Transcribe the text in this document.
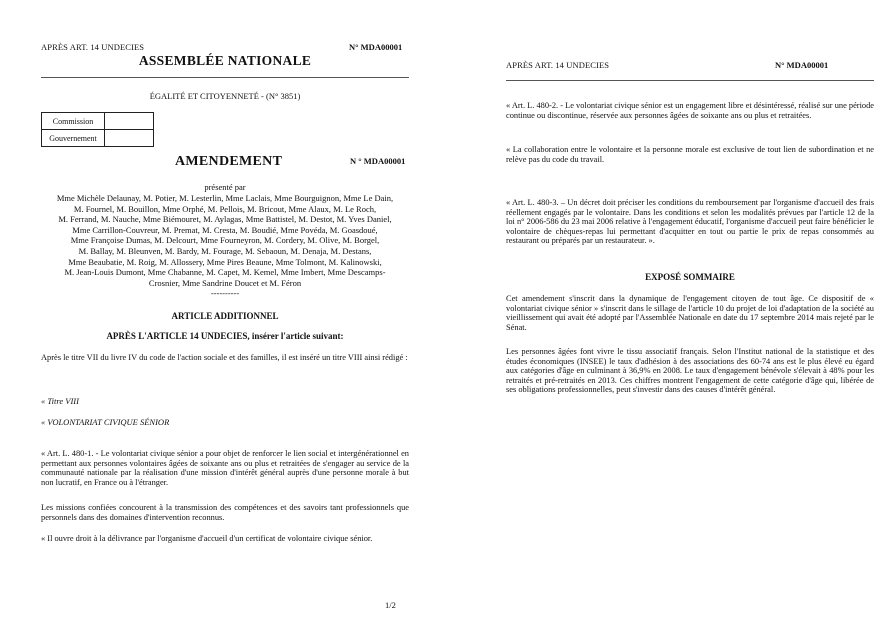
APRÈS ART. 14 UNDECIES	N° MDA00001
ASSEMBLÉE NATIONALE
ÉGALITÉ ET CITOYENNETÉ - (N° 3851)
Commission	
Gouvernement	
AMENDEMENT	N ° MDA00001
présenté par
Mme Michèle Delaunay, M. Potier, M. Lesterlin, Mme Laclais, Mme Bourguignon, Mme Le Dain,
M. Fournel, M. Bouillon, Mme Orphé, M. Pellois, M. Bricout, Mme Alaux, M. Le Roch,
M. Ferrand, M. Nauche, Mme Biémouret, M. Aylagas, Mme Battistel, M. Destot, M. Yves Daniel,
Mme Carrillon-Couvreur, M. Premat, M. Cresta, M. Boudié, Mme Povéda, M. Goasdoué,
Mme Françoise Dumas, M. Delcourt, Mme Fourneyron, M. Cordery, M. Olive, M. Borgel,
M. Ballay, M. Bleunven, M. Bardy, M. Fourage, M. Sebaoun, M. Denaja, M. Destans,
Mme Beaubatie, M. Roig, M. Allossery, Mme Pires Beaune, Mme Tolmont, M. Kalinowski,
M. Jean-Louis Dumont, Mme Chabanne, M. Capet, M. Kemel, Mme Imbert, Mme Descamps-
Crosnier, Mme Sandrine Doucet et M. Féron
----------
ARTICLE ADDITIONNEL
APRÈS L'ARTICLE 14 UNDECIES, insérer l'article suivant:
Après le titre VII du livre IV du code de l'action sociale et des familles, il est inséré un titre VIII ainsi rédigé :
« Titre VIII
« VOLONTARIAT CIVIQUE SÉNIOR
« Art. L. 480-1. - Le volontariat civique sénior a pour objet de renforcer le lien social et intergénérationnel en permettant aux personnes volontaires âgées de soixante ans ou plus et retraitées de s'engager au service de la communauté nationale par la réalisation d'une mission d'intérêt général auprès d'une personne morale à but non lucratif, en France ou à l'étranger.
Les missions confiées concourent à la transmission des compétences et des savoirs tant professionnels que personnels dans des domaines d'intervention reconnus.
« Il ouvre droit à la délivrance par l'organisme d'accueil d'un certificat de volontaire civique sénior.
1/2
APRÈS ART. 14 UNDECIES	N° MDA00001
« Art. L. 480-2. - Le volontariat civique sénior est un engagement libre et désintéressé, réalisé sur une période continue ou discontinue, réservée aux personnes âgées de soixante ans ou plus et retraitées.
« La collaboration entre le volontaire et la personne morale est exclusive de tout lien de subordination et ne relève pas du code du travail.
« Art. L. 480-3. – Un décret doit préciser les conditions du remboursement par l'organisme d'accueil des frais réellement engagés par le volontaire. Dans les conditions et selon les modalités prévues par l'article 12 de la loi n° 2006-586 du 23 mai 2006 relative à l'engagement éducatif, l'organisme d'accueil peut faire bénéficier le volontaire de chèques-repas lui permettant d'acquitter en tout ou partie le prix de repas consommés au restaurant ou préparés par un restaurateur. ».
EXPOSÉ SOMMAIRE
Cet amendement s'inscrit dans la dynamique de l'engagement citoyen de tout âge. Ce dispositif de « volontariat civique sénior » s'inscrit dans le sillage de l'article 10 du projet de loi d'adaptation de la société au vieillissement qui avait été adopté par l'Assemblée Nationale en date du 17 septembre 2014 mais rejeté par le Sénat.
Les personnes âgées font vivre le tissu associatif français. Selon l'Institut national de la statistique et des études économiques (INSEE) le taux d'adhésion à des associations des 60-74 ans est le plus élevé eu égard aux catégories d'âge en culminant à 36,9% en 2008. Le taux d'engagement bénévole s'élevait à 48% pour les retraités et pré-retraités en 2013. Ces chiffres montrent l'engagement de cette catégorie d'âge qui, libérée de ses obligations professionnelles, peut s'investir dans des causes d'intérêt général.
